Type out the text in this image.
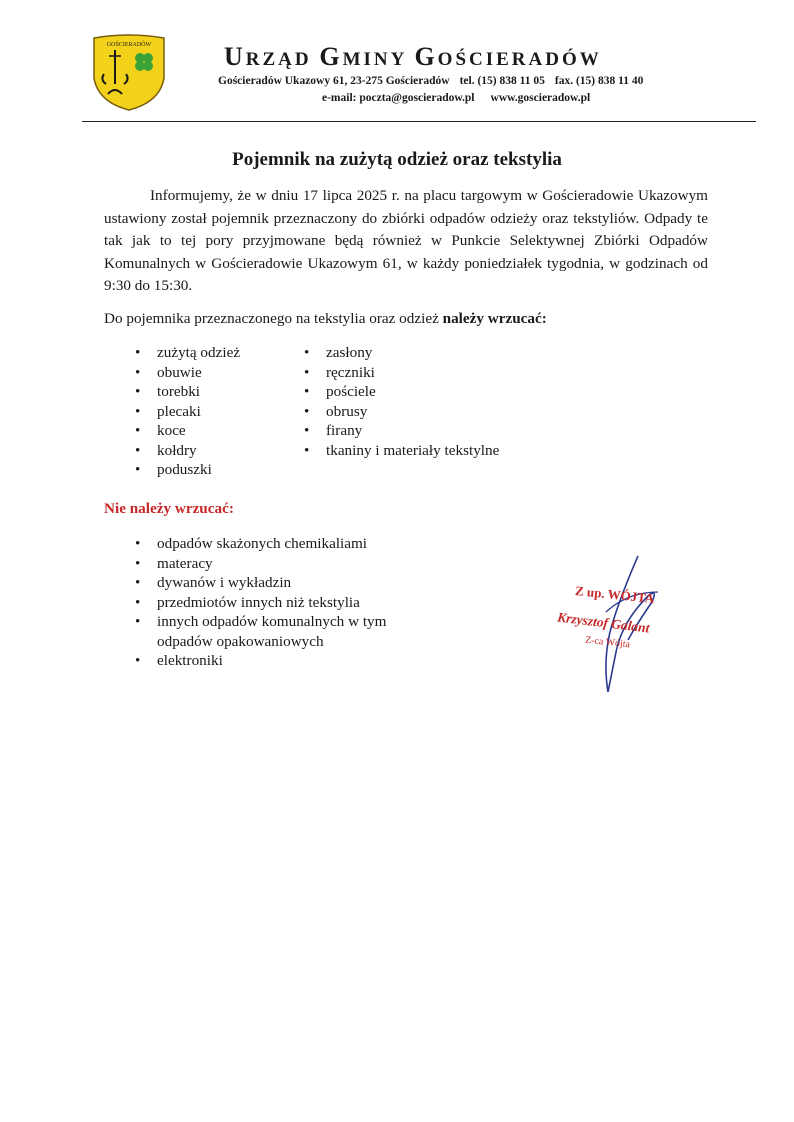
GOŚCIERADÓW	URZĄD GMINY GOŚCIERADÓW
Gościeradów Ukazowy 61, 23-275 Gościeradów tel. (15) 838 11 05 fax. (15) 838 11 40
e-mail: poczta@goscieradow.pl www.goscieradow.pl
Pojemnik na zużytą odzież oraz tekstylia

Informujemy, że w dniu 17 lipca 2025 r. na placu targowym w Gościeradowie Ukazowym ustawiony został pojemnik przeznaczony do zbiórki odpadów odzieży oraz tekstyliów. Odpady te tak jak to tej pory przyjmowane będą również w Punkcie Selektywnej Zbiórki Odpadów Komunalnych w Gościeradowie Ukazowym 61, w każdy poniedziałek tygodnia, w godzinach od 9:30 do 15:30.

Do pojemnika przeznaczonego na tekstylia oraz odzież należy wrzucać:

• zużytą odzież
• obuwie
• torebki
• plecaki
• koce
• kołdry
• poduszki
• zasłony
• ręczniki
• pościele
• obrusy
• firany
• tkaniny i materiały tekstylne

Nie należy wrzucać:

• odpadów skażonych chemikaliami
• materacy
• dywanów i wykładzin
• przedmiotów innych niż tekstylia
• innych odpadów komunalnych w tym odpadów opakowaniowych
• elektroniki
Z up. WÓJTA
Krzysztof Galant
Z-ca Wójta
